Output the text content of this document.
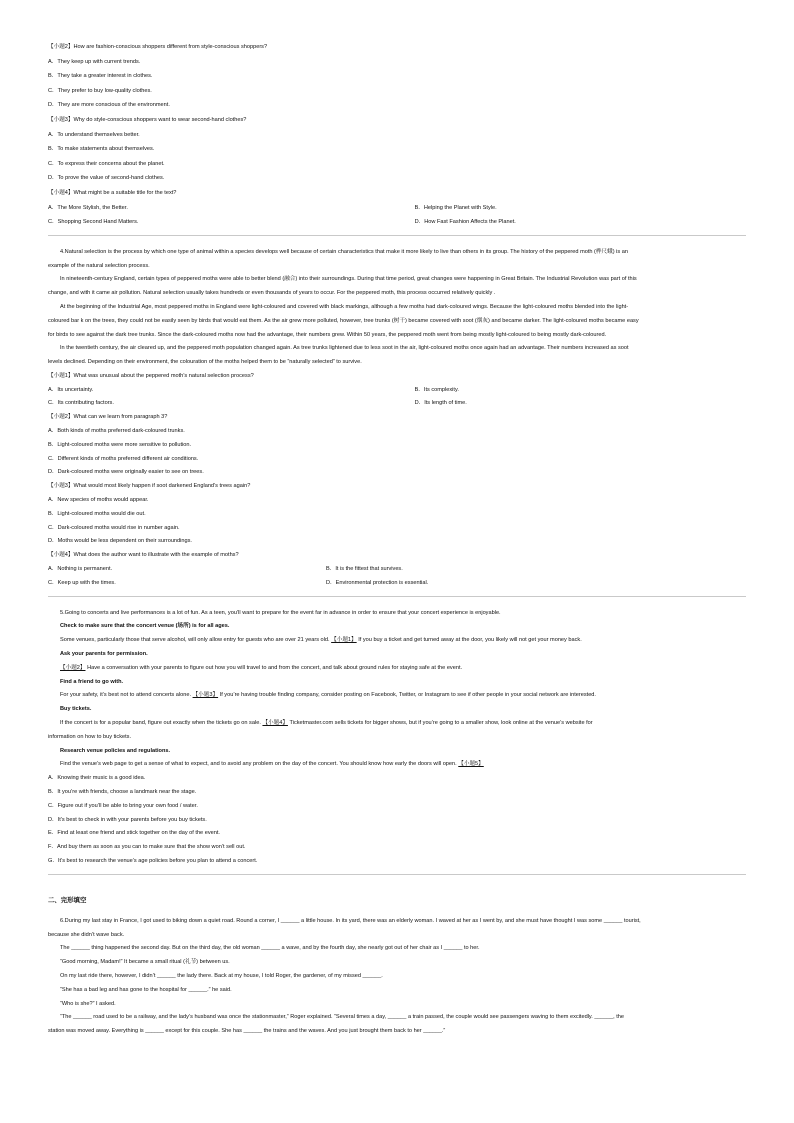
【小题2】How are fashion-conscious shoppers different from style-conscious shoppers?
A．They keep up with current trends.
B．They take a greater interest in clothes.
C．They prefer to buy low-quality clothes.
D．They are more conscious of the environment.
【小题3】Why do style-conscious shoppers want to wear second-hand clothes?
A．To understand themselves better.
B．To make statements about themselves.
C．To express their concerns about the planet.
D．To prove the value of second-hand clothes.
【小题4】What might be a suitable title for the text?
A．The More Stylish, the Better.	B．Helping the Planet with Style.
C．Shopping Second Hand Matters.	D．How Fast Fashion Affects the Planet.
4.Natural selection is the process by which one type of animal within a species develops well because of certain characteristics that make it more likely to live than others in its group. The history of the peppered moth (桦尺蛾) is an
example of the natural selection process.
In nineteenth-century England, certain types of peppered moths were able to better blend (融合) into their surroundings. During that time period, great changes were happening in Great Britain. The Industrial Revolution was part of this
change, and with it came air pollution. Natural selection usually takes hundreds or even thousands of years to occur. For the peppered moth, this process occurred relatively quickly .
At the beginning of the Industrial Age, most peppered moths in England were light-coloured and covered with black markings, although a few moths had dark-coloured wings. Because the light-coloured moths blended into the light-
coloured bar k on the trees, they could not be easily seen by birds that would eat them. As the air grew more polluted, however, tree trunks (树干) became covered with soot (烟灰) and became darker. The light-coloured moths became easy
for birds to see against the dark tree trunks. Since the dark-coloured moths now had the advantage, their numbers grew. Within 50 years, the peppered moth went from being mostly light-coloured to being mostly dark-coloured.
In the twentieth century, the air cleared up, and the peppered moth population changed again. As tree trunks lightened due to less soot in the air, light-coloured moths once again had an advantage. Their numbers increased as soot
levels declined. Depending on their environment, the colouration of the moths helped them to be “naturally selected” to survive.
【小题1】What was unusual about the peppered moth’s natural selection process?
A．Its uncertainty.	B．Its complexity.
C．Its contributing factors.	D．Its length of time.
【小题2】What can we learn from paragraph 3?
A．Both kinds of moths preferred dark-coloured trunks.
B．Light-coloured moths were more sensitive to pollution.
C．Different kinds of moths preferred different air conditions.
D．Dark-coloured moths were originally easier to see on trees.
【小题3】What would most likely happen if soot darkened England’s trees again?
A．New species of moths would appear.
B．Light-coloured moths would die out.
C．Dark-coloured moths would rise in number again.
D．Moths would be less dependent on their surroundings.
【小题4】What does the author want to illustrate with the example of moths?
A．Nothing is permanent.	B．It is the fittest that survives.
C．Keep up with the times.	D．Environmental protection is essential.
5.Going to concerts and live performances is a lot of fun. As a teen, you’ll want to prepare for the event far in advance in order to ensure that your concert experience is enjoyable.
Check to make sure that the concert venue (场所) is for all ages.
Some venues, particularly those that serve alcohol, will only allow entry for guests who are over 21 years old. 【小题1】 If you buy a ticket and get turned away at the door, you likely will not get your money back.
Ask your parents for permission.
【小题2】 Have a conversation with your parents to figure out how you will travel to and from the concert, and talk about ground rules for staying safe at the event.
Find a friend to go with.
For your safety, it’s best not to attend concerts alone. 【小题3】 If you’re having trouble finding company, consider posting on Facebook, Twitter, or Instagram to see if other people in your social network are interested.
Buy tickets.
If the concert is for a popular band, figure out exactly when the tickets go on sale. 【小题4】 Ticketmaster.com sells tickets for bigger shows, but if you’re going to a smaller show, look online at the venue’s website for
information on how to buy tickets.
Research venue policies and regulations.
Find the venue’s web page to get a sense of what to expect, and to avoid any problem on the day of the concert. You should know how early the doors will open. 【小题5】
A．Knowing their music is a good idea.
B．It you’re with friends, choose a landmark near the stage.
C．Figure out if you’ll be able to bring your own food / water.
D．It’s best to check in with your parents before you buy tickets.
E．Find at least one friend and stick together on the day of the event.
F．And buy them as soon as you can to make sure that the show won’t sell out.
G．It’s best to research the venue’s age policies before you plan to attend a concert.
二、完形填空
6.During my last stay in France, I got used to biking down a quiet road. Round a corner, I ______ a little house. In its yard, there was an elderly woman. I waved at her as I went by, and she must have thought I was some ______ tourist,
because she didn’t wave back.
The ______ thing happened the second day. But on the third day, the old woman ______ a wave, and by the fourth day, she nearly got out of her chair as I ______ to her.
“Good morning, Madam!” It became a small ritual (礼节) between us.
On my last ride there, however, I didn’t ______ the lady there. Back at my house, I told Roger, the gardener, of my missed ______.
“She has a bad leg and has gone to the hospital for ______.” he said.
“Who is she?” I asked.
“The ______ road used to be a railway, and the lady’s husband was once the stationmaster,” Roger explained. “Several times a day, ______ a train passed, the couple would see passengers waving to them excitedly. ______, the
station was moved away. Everything is ______ except for this couple. She has ______ the trains and the waves. And you just brought them back to her ______.”
